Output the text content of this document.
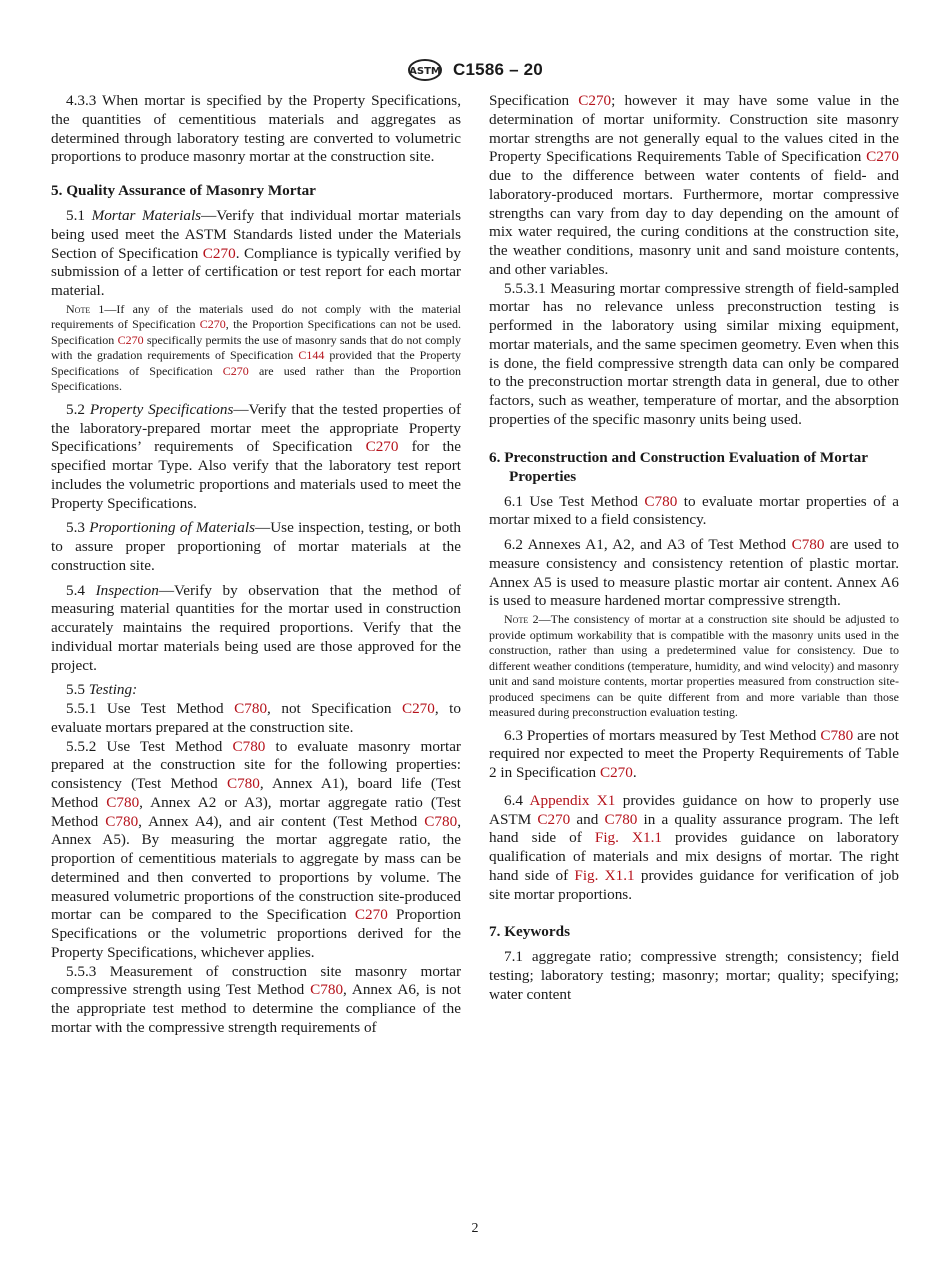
ASTM C1586 – 20

4.3.3 When mortar is specified by the Property Specifications, the quantities of cementitious materials and aggregates as determined through laboratory testing are converted to volumetric proportions to produce masonry mortar at the construction site.

5. Quality Assurance of Masonry Mortar

5.1 Mortar Materials—Verify that individual mortar materials being used meet the ASTM Standards listed under the Materials Section of Specification C270. Compliance is typically verified by submission of a letter of certification or test report for each mortar material.

Note 1—If any of the materials used do not comply with the material requirements of Specification C270, the Proportion Specifications can not be used. Specification C270 specifically permits the use of masonry sands that do not comply with the gradation requirements of Specification C144 provided that the Property Specifications of Specification C270 are used rather than the Proportion Specifications.

5.2 Property Specifications—Verify that the tested properties of the laboratory-prepared mortar meet the appropriate Property Specifications’ requirements of Specification C270 for the specified mortar Type. Also verify that the laboratory test report includes the volumetric proportions and materials used to meet the Property Specifications.

5.3 Proportioning of Materials—Use inspection, testing, or both to assure proper proportioning of mortar materials at the construction site.

5.4 Inspection—Verify by observation that the method of measuring material quantities for the mortar used in construction accurately maintains the required proportions. Verify that the individual mortar materials being used are those approved for the project.

5.5 Testing:

5.5.1 Use Test Method C780, not Specification C270, to evaluate mortars prepared at the construction site.

5.5.2 Use Test Method C780 to evaluate masonry mortar prepared at the construction site for the following properties: consistency (Test Method C780, Annex A1), board life (Test Method C780, Annex A2 or A3), mortar aggregate ratio (Test Method C780, Annex A4), and air content (Test Method C780, Annex A5). By measuring the mortar aggregate ratio, the proportion of cementitious materials to aggregate by mass can be determined and then converted to proportions by volume. The measured volumetric proportions of the construction site-produced mortar can be compared to the Specification C270 Proportion Specifications or the volumetric proportions derived for the Property Specifications, whichever applies.

5.5.3 Measurement of construction site masonry mortar compressive strength using Test Method C780, Annex A6, is not the appropriate test method to determine the compliance of the mortar with the compressive strength requirements of

Specification C270; however it may have some value in the determination of mortar uniformity. Construction site masonry mortar strengths are not generally equal to the values cited in the Property Specifications Requirements Table of Specification C270 due to the difference between water contents of field- and laboratory-produced mortars. Furthermore, mortar compressive strengths can vary from day to day depending on the amount of mix water required, the curing conditions at the construction site, the weather conditions, masonry unit and sand moisture contents, and other variables.

5.5.3.1 Measuring mortar compressive strength of field-sampled mortar has no relevance unless preconstruction testing is performed in the laboratory using similar mixing equipment, mortar materials, and the same specimen geometry. Even when this is done, the field compressive strength data can only be compared to the preconstruction mortar strength data in general, due to other factors, such as weather, temperature of mortar, and the absorption properties of the specific masonry units being used.

6. Preconstruction and Construction Evaluation of Mortar Properties

6.1 Use Test Method C780 to evaluate mortar properties of a mortar mixed to a field consistency.

6.2 Annexes A1, A2, and A3 of Test Method C780 are used to measure consistency and consistency retention of plastic mortar. Annex A5 is used to measure plastic mortar air content. Annex A6 is used to measure hardened mortar compressive strength.

Note 2—The consistency of mortar at a construction site should be adjusted to provide optimum workability that is compatible with the masonry units used in the construction, rather than using a predetermined value for consistency. Due to different weather conditions (temperature, humidity, and wind velocity) and masonry unit and sand moisture contents, mortar properties measured from construction site-produced specimens can be quite different from and more variable than those measured during preconstruction evaluation testing.

6.3 Properties of mortars measured by Test Method C780 are not required nor expected to meet the Property Requirements of Table 2 in Specification C270.

6.4 Appendix X1 provides guidance on how to properly use ASTM C270 and C780 in a quality assurance program. The left hand side of Fig. X1.1 provides guidance on laboratory qualification of materials and mix designs of mortar. The right hand side of Fig. X1.1 provides guidance for verification of job site mortar proportions.

7. Keywords

7.1 aggregate ratio; compressive strength; consistency; field testing; laboratory testing; masonry; mortar; quality; specifying; water content

2
